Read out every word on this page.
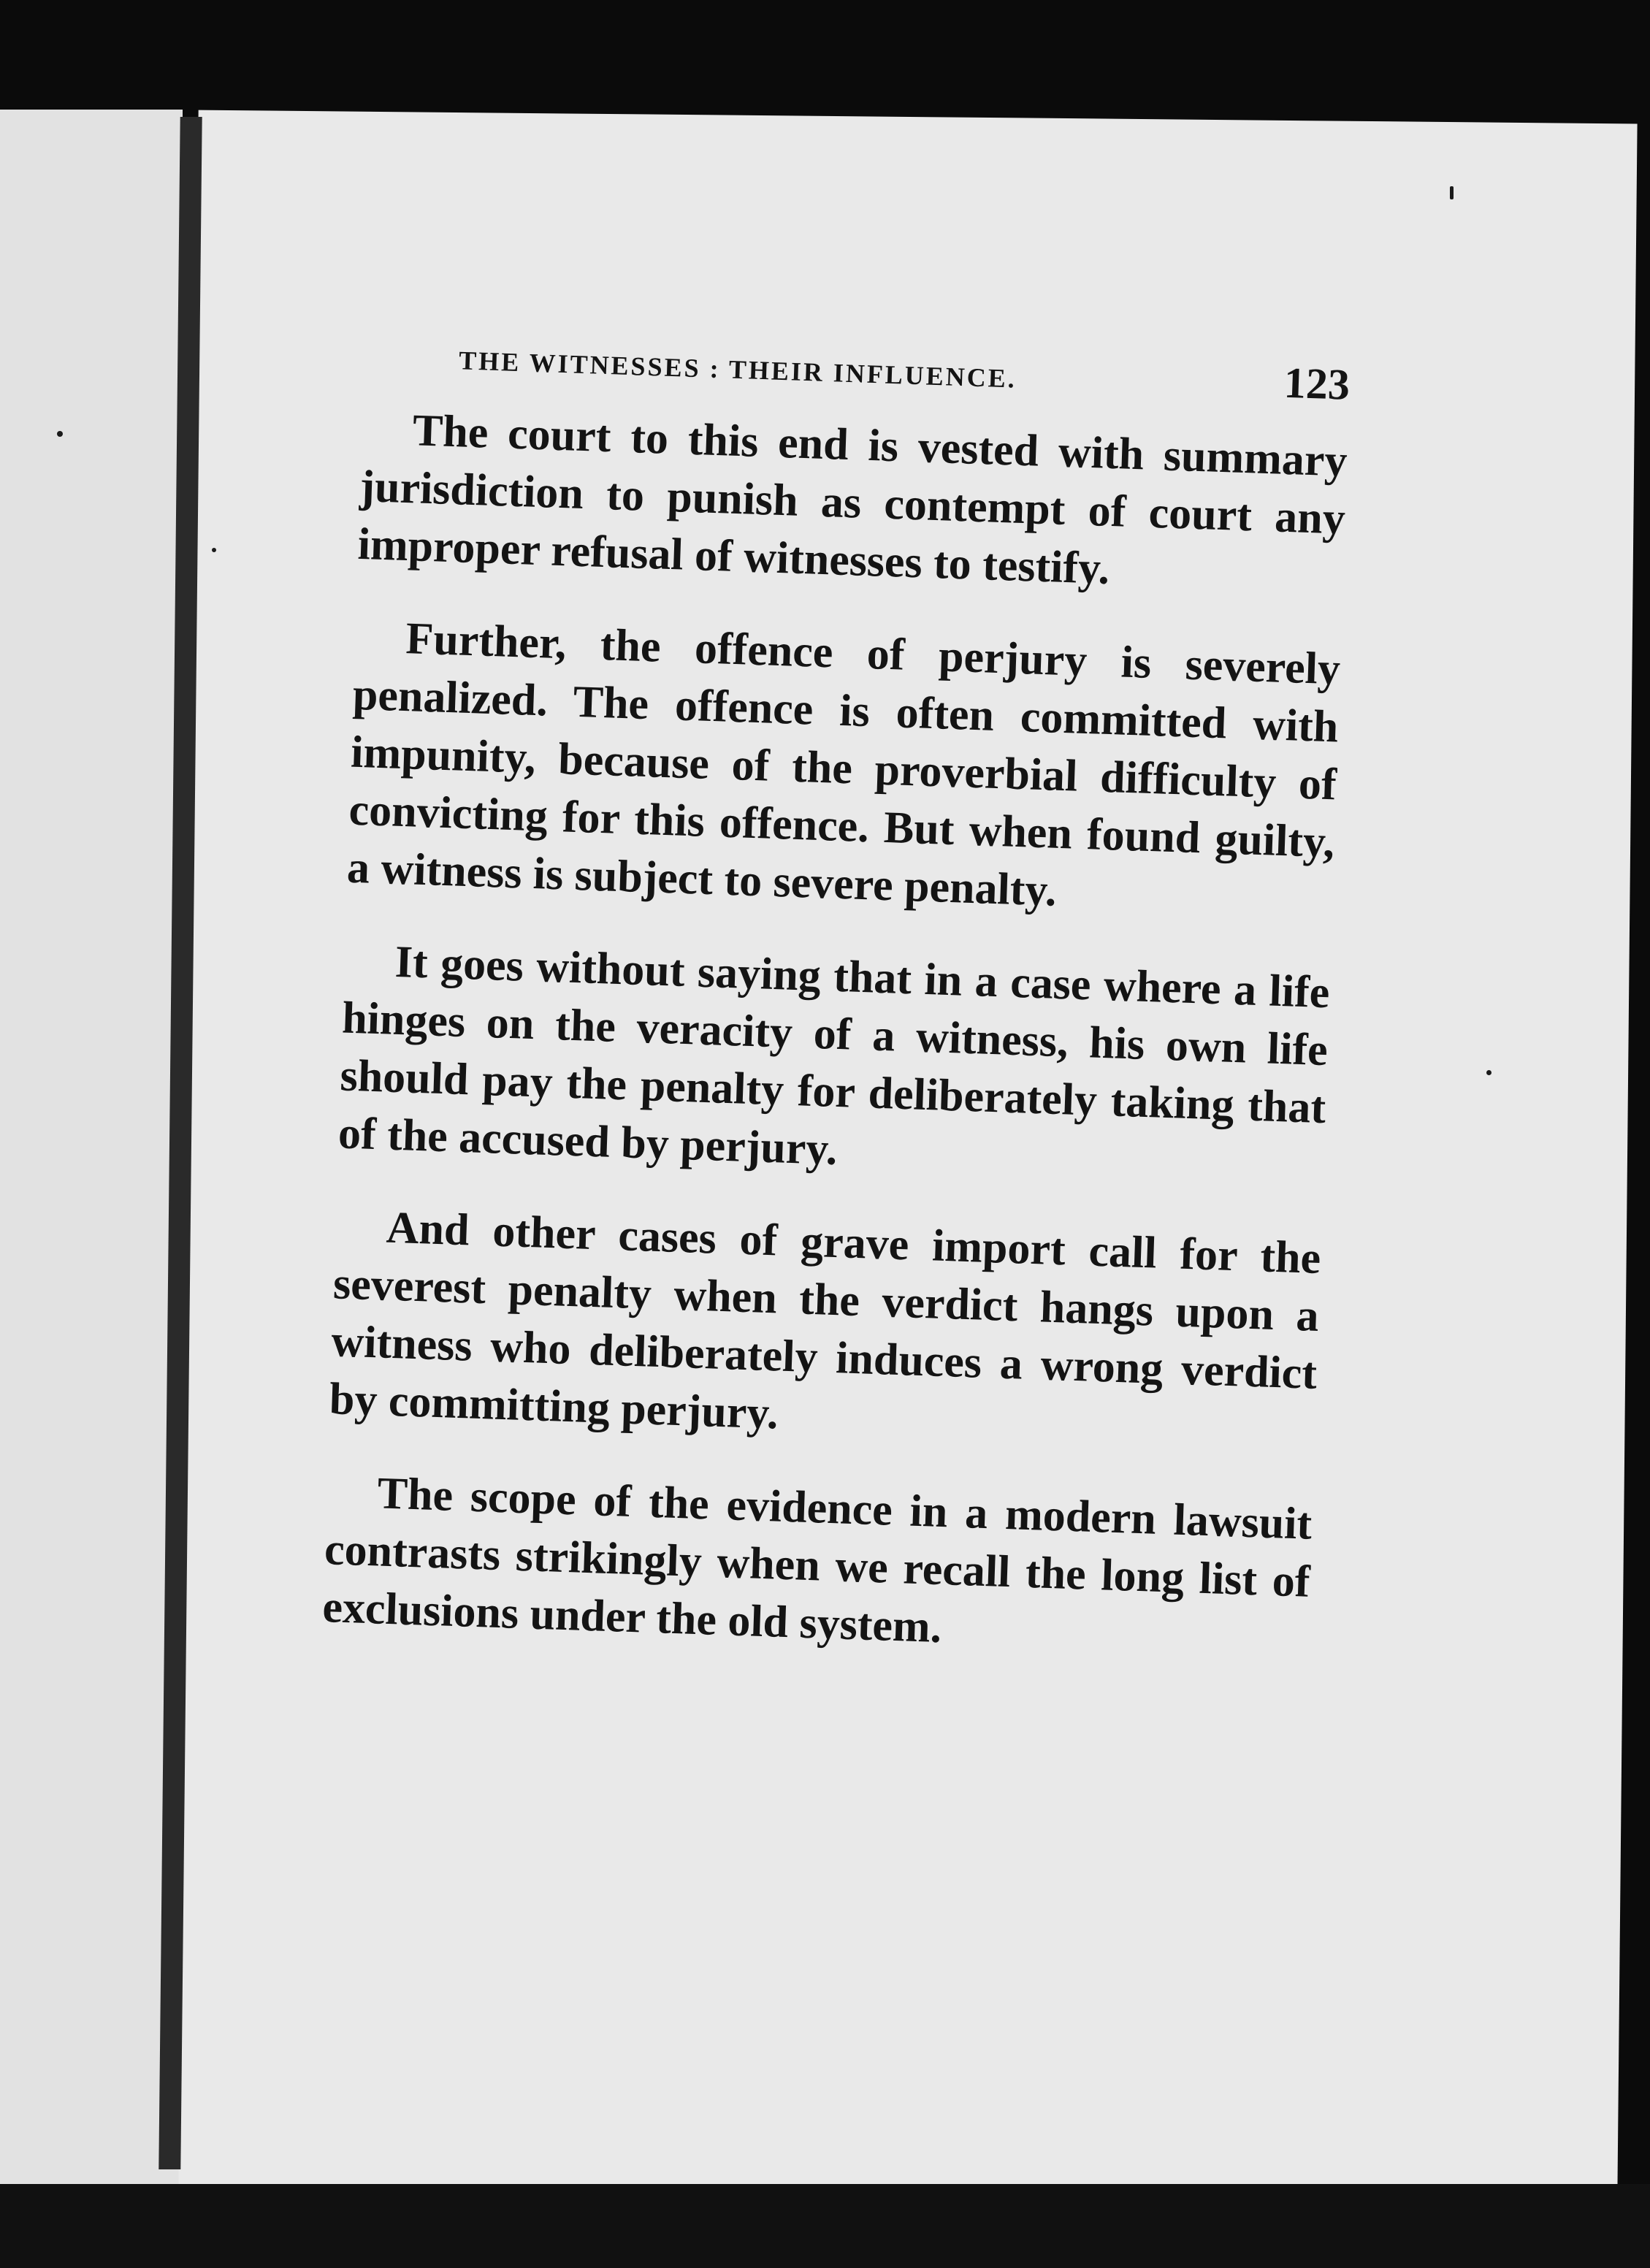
THE WITNESSES : THEIR INFLUENCE.	123

The court to this end is vested with summary jurisdiction to punish as contempt of court any improper refusal of witnesses to testify.

Further, the offence of perjury is severely penalized. The offence is often committed with impunity, because of the proverbial difficulty of convicting for this offence. But when found guilty, a witness is subject to severe penalty.

It goes without saying that in a case where a life hinges on the veracity of a witness, his own life should pay the penalty for deliberately taking that of the accused by perjury.

And other cases of grave import call for the severest penalty when the verdict hangs upon a witness who deliberately induces a wrong verdict by committing perjury.

The scope of the evidence in a modern lawsuit contrasts strikingly when we recall the long list of exclusions under the old system.
